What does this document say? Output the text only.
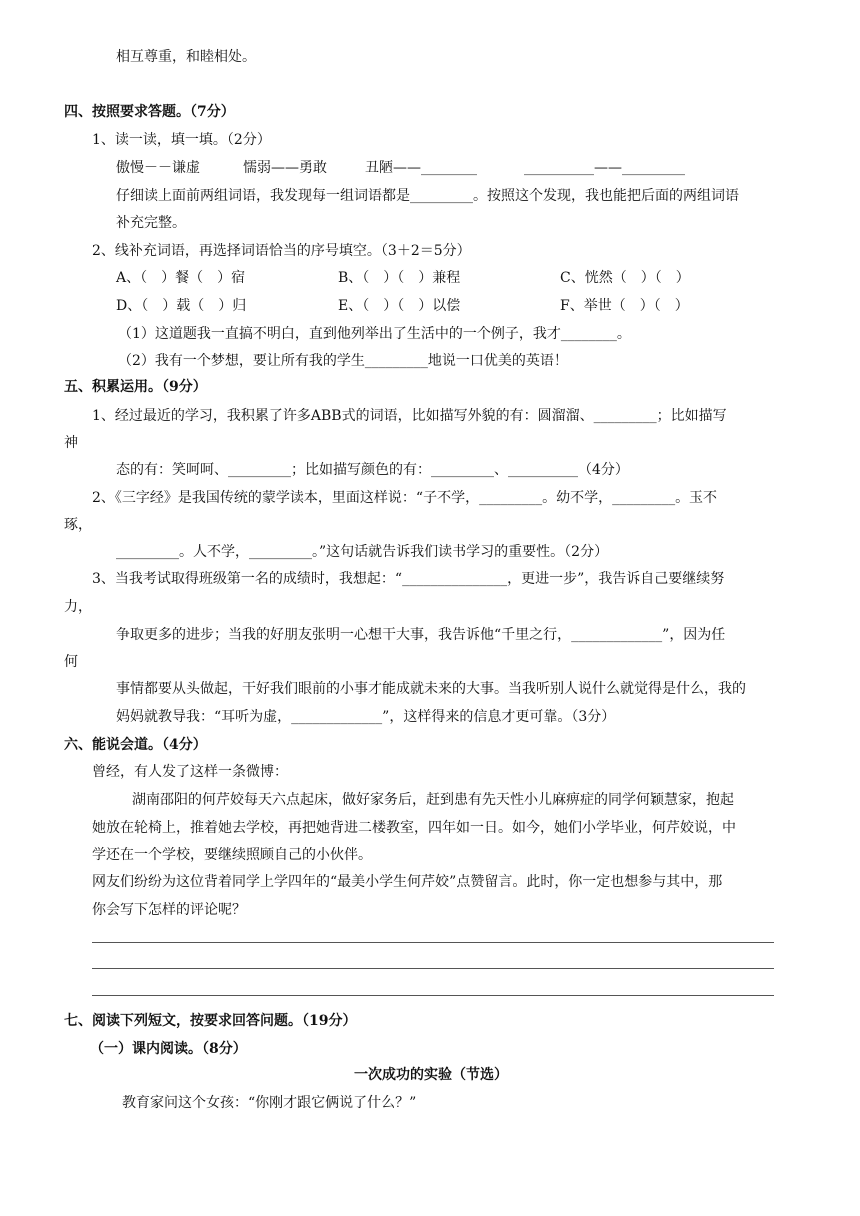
相互尊重，和睦相处。
四、按照要求答题。（7分）
1、读一读，填一填。（2分）
傲慢－－谦虚	懦弱——勇敢	丑陋——________	__________——_________
仔细读上面前两组词语，我发现每一组词语都是_________。按照这个发现，我也能把后面的两组词语
补充完整。
2、线补充词语，再选择词语恰当的序号填空。（3＋2＝5分）
A、（　）餐（　）宿	B、（　）（　）兼程	C、恍然（　）（　）
D、（　）载（　）归	E、（　）（　）以偿	F、举世（　）（　）
（1）这道题我一直搞不明白，直到他列举出了生活中的一个例子，我才________。
（2）我有一个梦想，要让所有我的学生_________地说一口优美的英语！
五、积累运用。（9分）
1、经过最近的学习，我积累了许多ABB式的词语，比如描写外貌的有：圆溜溜、_________；比如描写
神
态的有：笑呵呵、_________；比如描写颜色的有：_________、__________（4分）
2、《三字经》是我国传统的蒙学读本，里面这样说：“子不学，_________。幼不学，_________。玉不
琢，
_________。人不学，_________。”这句话就告诉我们读书学习的重要性。（2分）
3、当我考试取得班级第一名的成绩时，我想起：“_______________，更进一步”，我告诉自己要继续努
力，
争取更多的进步；当我的好朋友张明一心想干大事，我告诉他“千里之行，_____________”，因为任
何
事情都要从头做起，干好我们眼前的小事才能成就未来的大事。当我听别人说什么就觉得是什么，我的
妈妈就教导我：“耳听为虚，_____________”，这样得来的信息才更可靠。（3分）
六、能说会道。（4分）
曾经，有人发了这样一条微博：
湖南邵阳的何芹姣每天六点起床，做好家务后，赶到患有先天性小儿麻痹症的同学何颖慧家，抱起
她放在轮椅上，推着她去学校，再把她背进二楼教室，四年如一日。如今，她们小学毕业，何芹姣说，中
学还在一个学校，要继续照顾自己的小伙伴。
网友们纷纷为这位背着同学上学四年的“最美小学生何芹姣”点赞留言。此时，你一定也想参与其中，那
你会写下怎样的评论呢？
七、阅读下列短文，按要求回答问题。（19分）
（一）课内阅读。（8分）
一次成功的实验（节选）
教育家问这个女孩：“你刚才跟它俩说了什么？”
